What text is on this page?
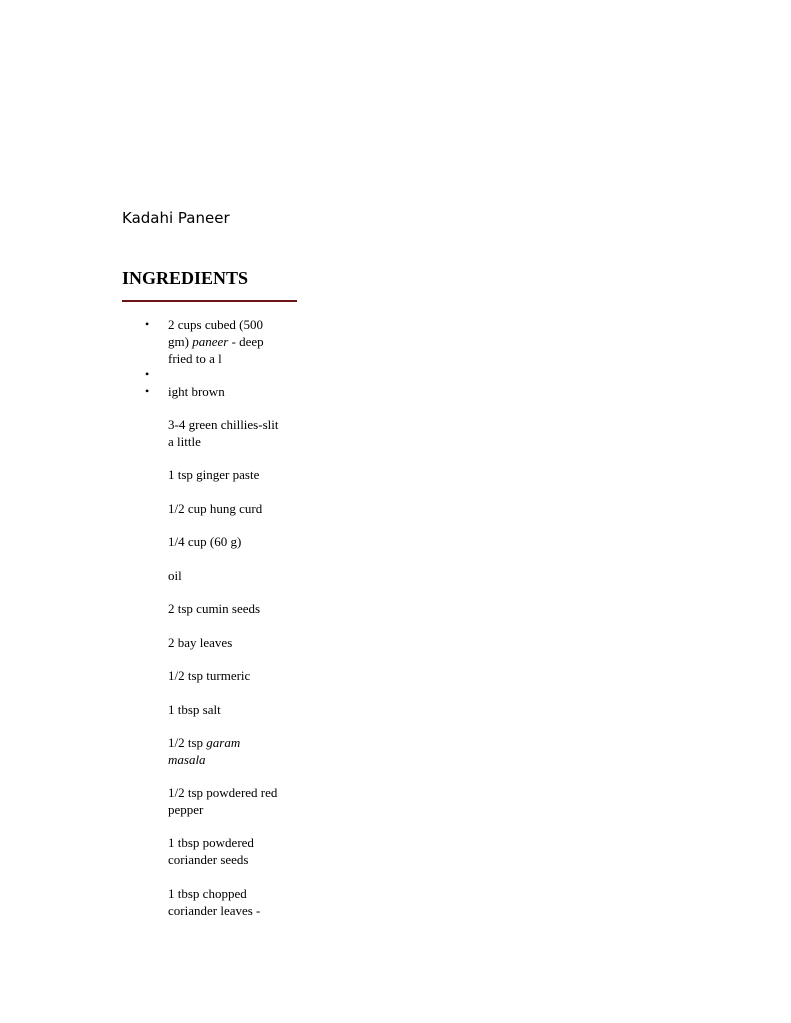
Kadahi Paneer
INGREDIENTS
• 2 cups cubed (500
gm) paneer - deep
fried to a l
•

• ight brown
3-4 green chillies-slit
a little
1 tsp ginger paste
1/2 cup hung curd
1/4 cup (60 g)
oil
2 tsp cumin seeds
2 bay leaves
1/2 tsp turmeric
1 tbsp salt
1/2 tsp garam
masala
1/2 tsp powdered red
pepper
1 tbsp powdered
coriander seeds
1 tbsp chopped
coriander leaves -
